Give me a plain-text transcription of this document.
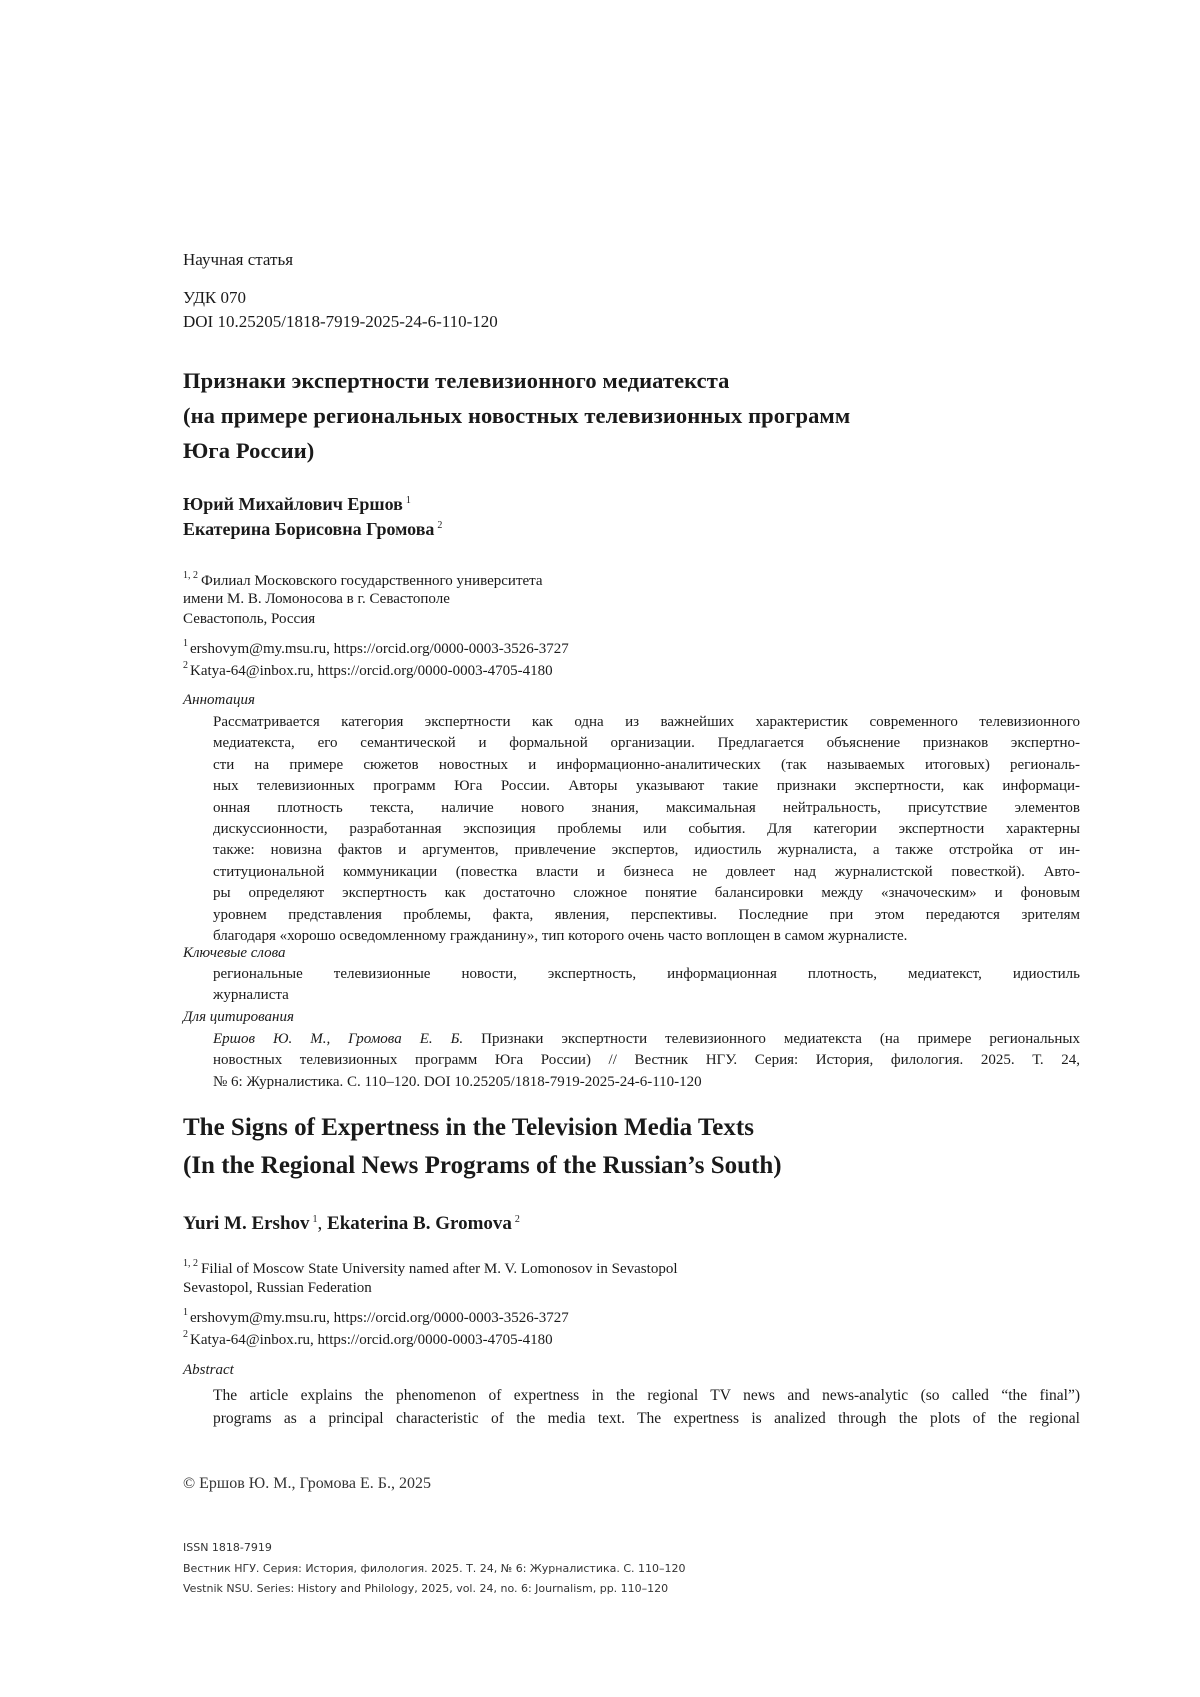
Научная статья
УДК 070
DOI 10.25205/1818-7919-2025-24-6-110-120
Признаки экспертности телевизионного медиатекста
(на примере региональных новостных телевизионных программ
Юга России)
Юрий Михайлович Ершов 1
Екатерина Борисовна Громова 2
1, 2 Филиал Московского государственного университета
имени М. В. Ломоносова в г. Севастополе
Севастополь, Россия
1 ershovym@my.msu.ru, https://orcid.org/0000-0003-3526-3727
2 Katya-64@inbox.ru, https://orcid.org/0000-0003-4705-4180
Аннотация
Рассматривается категория экспертности как одна из важнейших характеристик современного телевизионного
медиатекста, его семантической и формальной организации. Предлагается объяснение признаков экспертно-
сти на примере сюжетов новостных и информационно-аналитических (так называемых итоговых) региональ-
ных телевизионных программ Юга России. Авторы указывают такие признаки экспертности, как информаци-
онная плотность текста, наличие нового знания, максимальная нейтральность, присутствие элементов
дискуссионности, разработанная экспозиция проблемы или события. Для категории экспертности характерны
также: новизна фактов и аргументов, привлечение экспертов, идиостиль журналиста, а также отстройка от ин-
ституциональной коммуникации (повестка власти и бизнеса не довлеет над журналистской повесткой). Авто-
ры определяют экспертность как достаточно сложное понятие балансировки между «значоческим» и фоновым
уровнем представления проблемы, факта, явления, перспективы. Последние при этом передаются зрителям
благодаря «хорошо осведомленному гражданину», тип которого очень часто воплощен в самом журналисте.
Ключевые слова
региональные телевизионные новости, экспертность, информационная плотность, медиатекст, идиостиль
журналиста
Для цитирования
Ершов Ю. М., Громова Е. Б. Признаки экспертности телевизионного медиатекста (на примере региональных
новостных телевизионных программ Юга России) // Вестник НГУ. Серия: История, филология. 2025. Т. 24,
№ 6: Журналистика. С. 110–120. DOI 10.25205/1818-7919-2025-24-6-110-120
The Signs of Expertness in the Television Media Texts
(In the Regional News Programs of the Russian’s South)
Yuri M. Ershov 1, Ekaterina B. Gromova 2
1, 2 Filial of Moscow State University named after M. V. Lomonosov in Sevastopol
Sevastopol, Russian Federation
1 ershovym@my.msu.ru, https://orcid.org/0000-0003-3526-3727
2 Katya-64@inbox.ru, https://orcid.org/0000-0003-4705-4180
Abstract
The article explains the phenomenon of expertness in the regional TV news and news-analytic (so called “the final”)
programs as a principal characteristic of the media text. The expertness is analized through the plots of the regional
© Ершов Ю. М., Громова Е. Б., 2025
ISSN 1818-7919
Вестник НГУ. Серия: История, филология. 2025. Т. 24, № 6: Журналистика. С. 110–120
Vestnik NSU. Series: History and Philology, 2025, vol. 24, no. 6: Journalism, pp. 110–120
